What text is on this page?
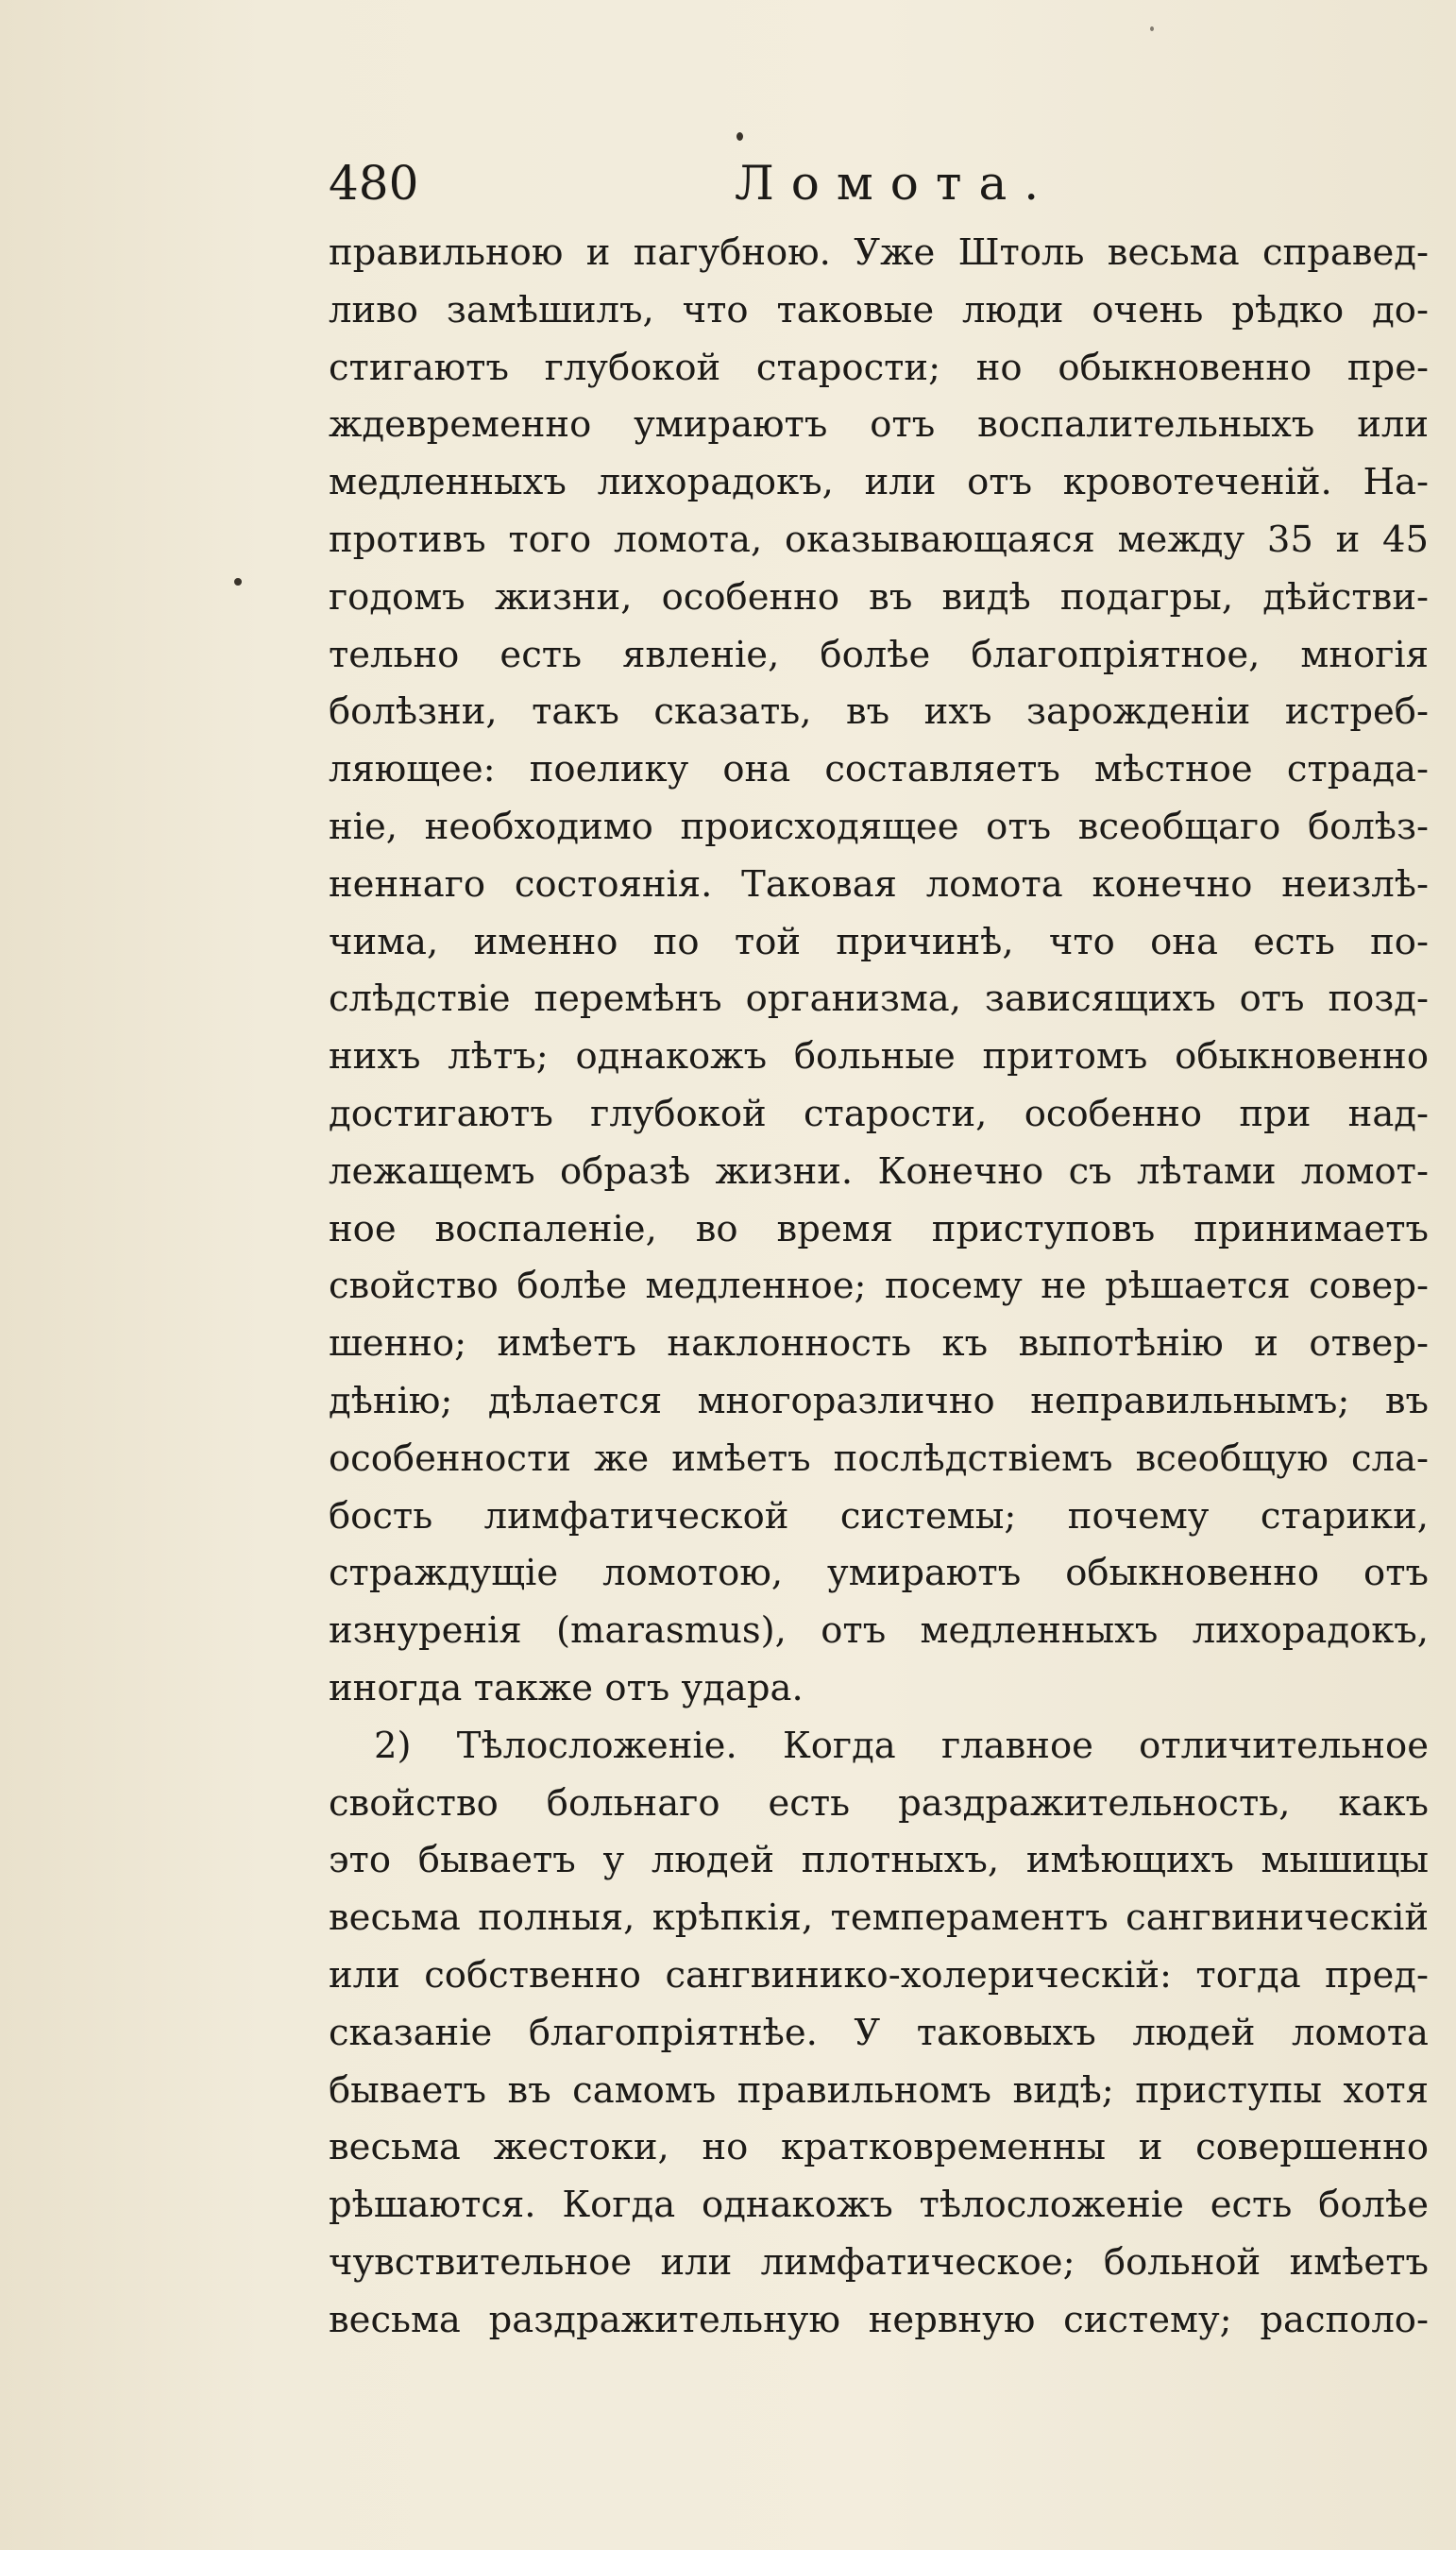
480	Ломота.
правильною и пагубною. Уже Штоль весьма справед-
ливо замѣшилъ, что таковые люди очень рѣдко до-
стигаютъ глубокой старости; но обыкновенно пре-
ждевременно умираютъ отъ воспалительныхъ или
медленныхъ лихорадокъ, или отъ кровотеченій. На-
противъ того ломота, оказывающаяся между 35 и 45
годомъ жизни, особенно въ видѣ подагры, дѣйстви-
тельно есть явленіе, болѣе благопріятное, многія
болѣзни, такъ сказать, въ ихъ зарожденіи истреб-
ляющее: поелику она составляетъ мѣстное страда-
ніе, необходимо происходящее отъ всеобщаго болѣз-
неннаго состоянія. Таковая ломота конечно неизлѣ-
чима, именно по той причинѣ, что она есть по-
слѣдствіе перемѣнъ организма, зависящихъ отъ позд-
нихъ лѣтъ; однакожъ больные притомъ обыкновенно
достигаютъ глубокой старости, особенно при над-
лежащемъ образѣ жизни. Конечно съ лѣтами ломот-
ное воспаленіе, во время приступовъ принимаетъ
свойство болѣе медленное; посему не рѣшается совер-
шенно; имѣетъ наклонность къ выпотѣнію и отвер-
дѣнію; дѣлается многоразлично неправильнымъ; въ
особенности же имѣетъ послѣдствіемъ всеобщую сла-
бость лимфатической системы; почему старики,
страждущіе ломотою, умираютъ обыкновенно отъ
изнуренія (marasmus), отъ медленныхъ лихорадокъ,
иногда также отъ удара.
2) Тѣлосложеніе. Когда главное отличительное
свойство больнаго есть раздражительность, какъ
это бываетъ у людей плотныхъ, имѣющихъ мышицы
весьма полныя, крѣпкія, темпераментъ сангвиническій
или собственно сангвинико-холерическій: тогда пред-
сказаніе благопріятнѣе. У таковыхъ людей ломота
бываетъ въ самомъ правильномъ видѣ; приступы хотя
весьма жестоки, но кратковременны и совершенно
рѣшаются. Когда однакожъ тѣлосложеніе есть болѣе
чувствительное или лимфатическое; больной имѣетъ
весьма раздражительную нервную систему; располо-
